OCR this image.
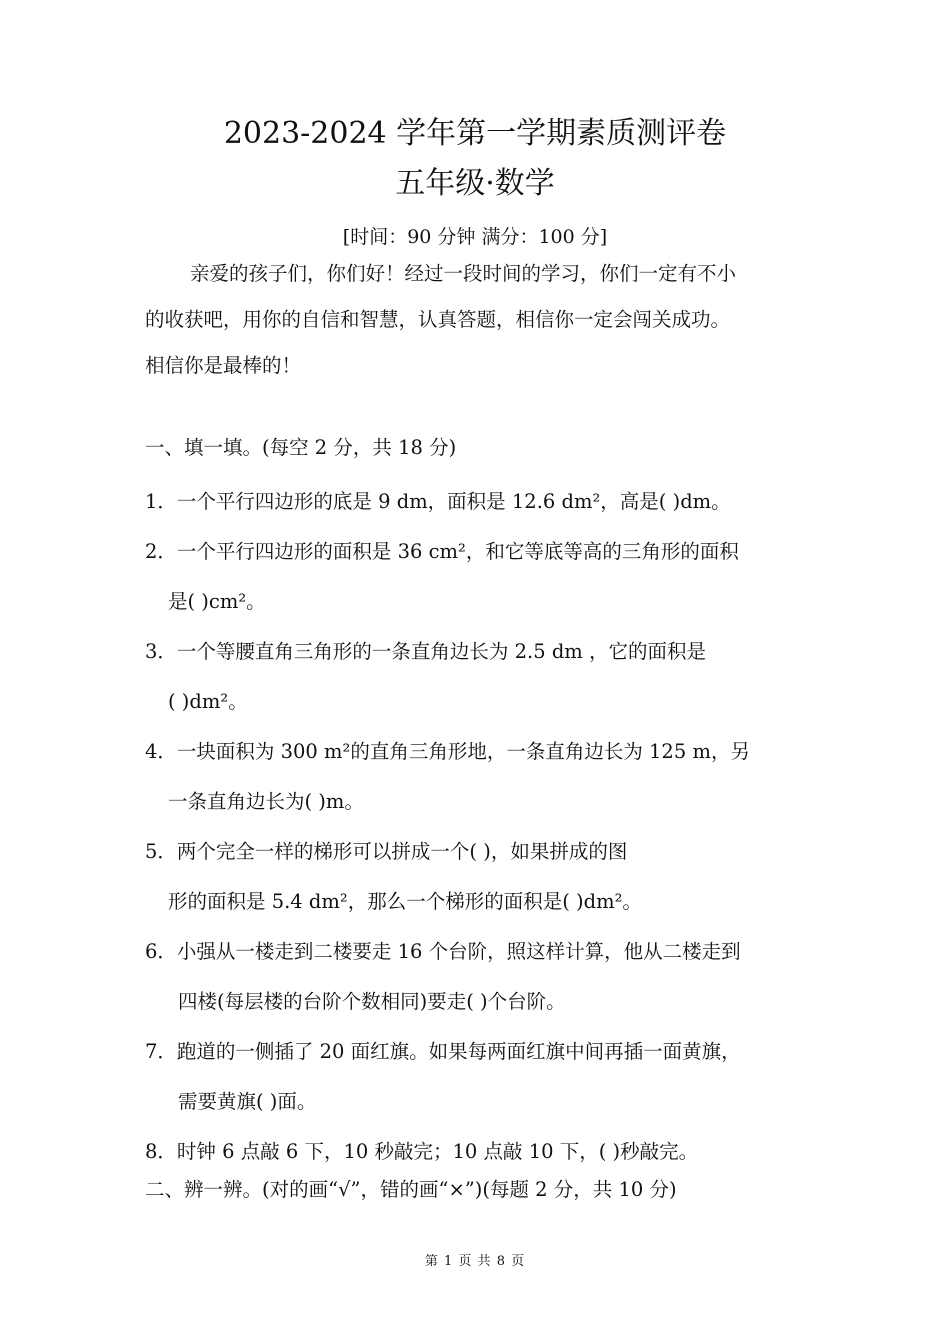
2023-2024 学年第一学期素质测评卷
五年级·数学
[时间：90 分钟 满分：100 分]
亲爱的孩子们，你们好！经过一段时间的学习，你们一定有不小
的收获吧，用你的自信和智慧，认真答题，相信你一定会闯关成功。
相信你是最棒的！
一、填一填。(每空 2 分，共 18 分)
1．一个平行四边形的底是 9 dm，面积是 12.6 dm²，高是( )dm。
2．一个平行四边形的面积是 36 cm²，和它等底等高的三角形的面积
是( )cm²。
3．一个等腰直角三角形的一条直角边长为 2.5 dm ，它的面积是
( )dm²。
4．一块面积为 300 m²的直角三角形地，一条直角边长为 125 m，另
一条直角边长为( )m。
5．两个完全一样的梯形可以拼成一个( )，如果拼成的图
形的面积是 5.4 dm²，那么一个梯形的面积是( )dm²。
6．小强从一楼走到二楼要走 16 个台阶，照这样计算，他从二楼走到
四楼(每层楼的台阶个数相同)要走( )个台阶。
7．跑道的一侧插了 20 面红旗。如果每两面红旗中间再插一面黄旗，
需要黄旗( )面。
8．时钟 6 点敲 6 下，10 秒敲完；10 点敲 10 下，( )秒敲完。
二、辨一辨。(对的画“√”，错的画“×”)(每题 2 分，共 10 分)
第 1 页 共 8 页
